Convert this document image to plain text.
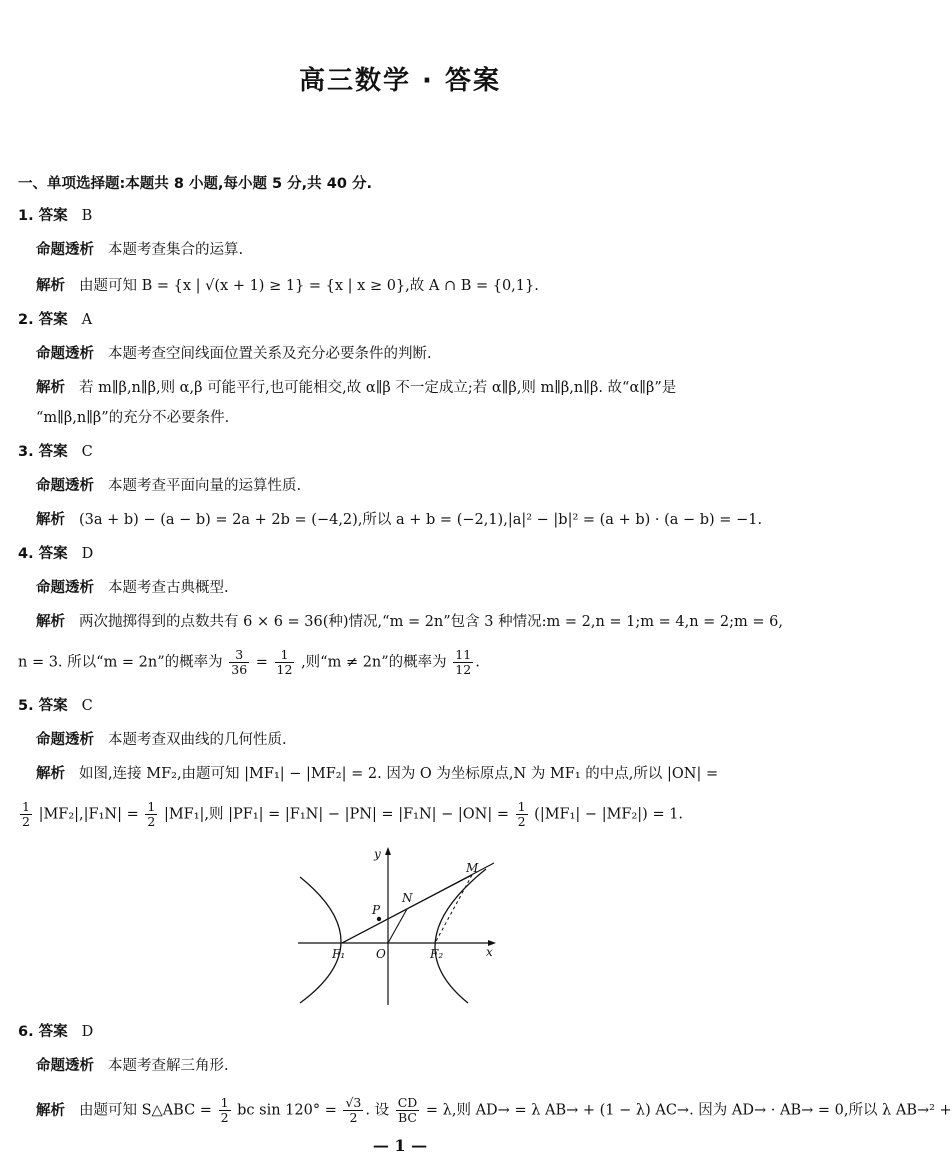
高三数学 · 答案
一、单项选择题:本题共 8 小题,每小题 5 分,共 40 分.
1. 答案 B
命题透析 本题考查集合的运算.
解析 由题可知 B = {x | √(x + 1) ≥ 1} = {x | x ≥ 0},故 A ∩ B = {0,1}.
2. 答案 A
命题透析 本题考查空间线面位置关系及充分必要条件的判断.
解析 若 m∥β,n∥β,则 α,β 可能平行,也可能相交,故 α∥β 不一定成立;若 α∥β,则 m∥β,n∥β. 故“α∥β”是
“m∥β,n∥β”的充分不必要条件.
3. 答案 C
命题透析 本题考查平面向量的运算性质.
解析 (3a + b) − (a − b) = 2a + 2b = (−4,2),所以 a + b = (−2,1),|a|² − |b|² = (a + b) · (a − b) = −1.
4. 答案 D
命题透析 本题考查古典概型.
解析 两次抛掷得到的点数共有 6 × 6 = 36(种)情况,“m = 2n”包含 3 种情况:m = 2,n = 1;m = 4,n = 2;m = 6,
n = 3. 所以“m = 2n”的概率为 $\frac{3}{36} = \frac{1}{12}$ ,则“m ≠ 2n”的概率为 $\frac{11}{12}$ .
5. 答案 C
命题透析 本题考查双曲线的几何性质.
解析 如图,连接 MF₂,由题可知 |MF₁| − |MF₂| = 2. 因为 O 为坐标原点,N 为 MF₁ 的中点,所以 |ON| =
$\frac{1}{2} |MF_2|,|F_1N| = \frac{1}{2} |MF_1|$,则 $|PF_1| = |F_1N| - |PN| = |F_1N| - |ON| = \frac{1}{2} (|MF_1| - |MF_2|) = 1$.
y
x
M
N
P
F₁	O	F₂
6. 答案 D
命题透析 本题考查解三角形.
解析 由题可知 S△ABC = $\frac{1}{2}$ bc $\sin 120^\circ = \frac{√3}{2}$ . 设 $\frac{CD}{BC} = \lambda$,则 AD→ = λ AB→ + (1 − λ) AC→. 因为 AD→ · AB→ = 0,所以 λ AB→² +
— 1 —
